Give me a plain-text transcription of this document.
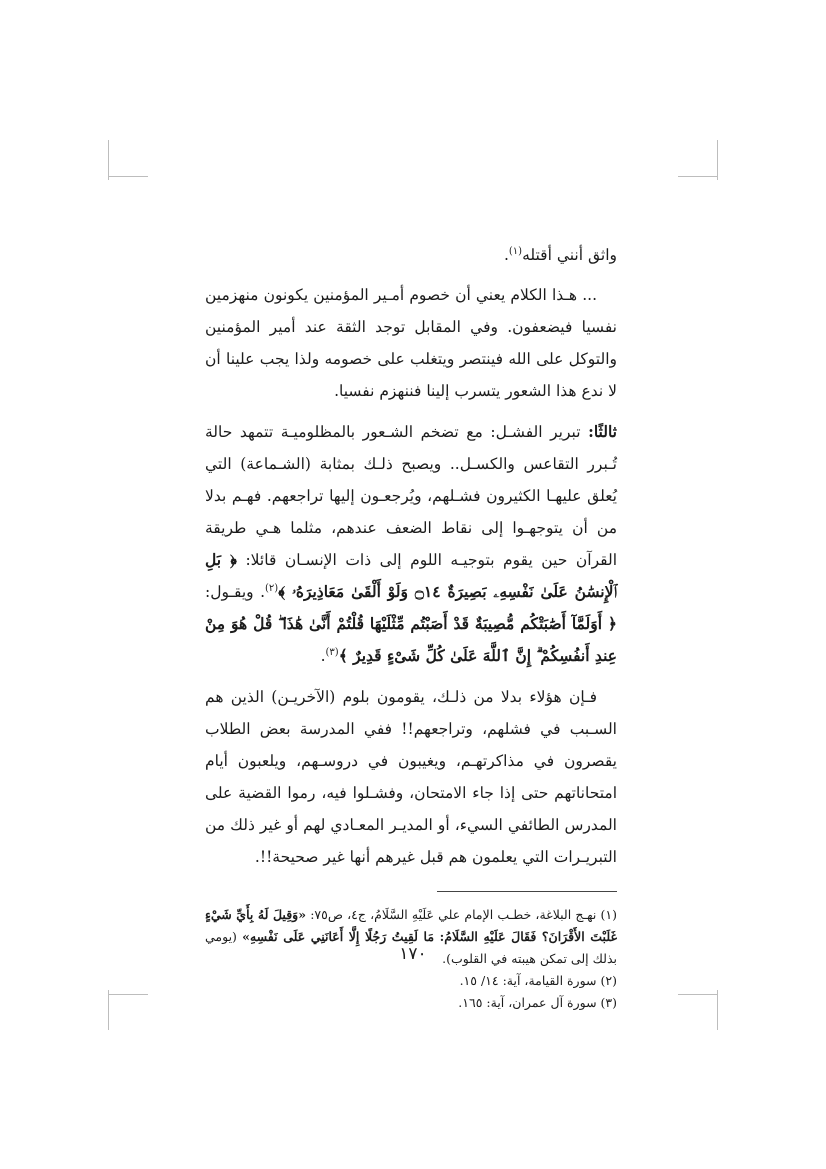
واثق أنني أقتله$^{(١)}$.

... هـذا الكلام يعني أن خصوم أمـير المؤمنين يكونون منهزمين نفسيا فيضعفون. وفي المقابل توجد الثقة عند أمير المؤمنين والتوكل على الله فينتصر ويتغلب على خصومه ولذا يجب علينا أن لا ندع هذا الشعور يتسرب إلينا فننهزم نفسيا.

ثالثًا: تبرير الفشـل: مع تضخم الشـعور بالمظلوميـة تتمهد حالة تُـبرر التقاعس والكسـل.. ويصبح ذلـك بمثابة (الشـماعة) التي يُعلق عليهـا الكثيرون فشـلهم، ويُرجعـون إليها تراجعهم. فهـم بدلا من أن يتوجهـوا إلى نقاط الضعف عندهم، مثلما هـي طريقة القرآن حين يقوم بتوجيـه اللوم إلى ذات الإنسـان قائلا: ﴿ بَلِ ٱلْإِنسَٰنُ عَلَىٰ نَفْسِهِۦ بَصِيرَةٌ ۝١٤ وَلَوْ أَلْقَىٰ مَعَاذِيرَهُۥ ﴾$^{(٢)}$. ويقـول: ﴿ أَوَلَمَّآ أَصَٰبَتْكُم مُّصِيبَةٌ قَدْ أَصَبْتُم مِّثْلَيْهَا قُلْتُمْ أَنَّىٰ هَٰذَا ۖ قُلْ هُوَ مِنْ عِندِ أَنفُسِكُمْ ۗ إِنَّ ٱللَّهَ عَلَىٰ كُلِّ شَىْءٍ قَدِيرٌ ﴾$^{(٣)}$.

فـإن هؤلاء بدلا من ذلـك، يقومون بلوم (الآخريـن) الذين هم السـبب في فشلهم، وتراجعهم!! ففي المدرسة بعض الطلاب يقصرون في مذاكرتهـم، ويغيبون في دروسـهم، ويلعبون أيام امتحاناتهم حتى إذا جاء الامتحان، وفشـلوا فيه، رموا القضية على المدرس الطائفي السيء، أو المديـر المعـادي لهم أو غير ذلك من التبريـرات التي يعلمون هم قبل غيرهم أنها غير صحيحة!!.

(١) نهـج البلاغة، خطـب الإمام علي عَلَيْهِ السَّلَامُ، ج٤، ص٧٥: «وَقِيلَ لَهُ بِأَيِّ شَيْءٍ غَلَبْتَ الأَقْرَانَ؟ فَقَالَ عَلَيْهِ السَّلَامُ: مَا لَقِيتُ رَجُلًا إِلَّا أَعَانَنِي عَلَى نَفْسِهِ» (يومي بذلك إلى تمكن هيبته في القلوب).

(٢) سورة القيامة، آية: ١٤/ ١٥.

(٣) سورة آل عمران، آية: ١٦٥.

١٧٠
